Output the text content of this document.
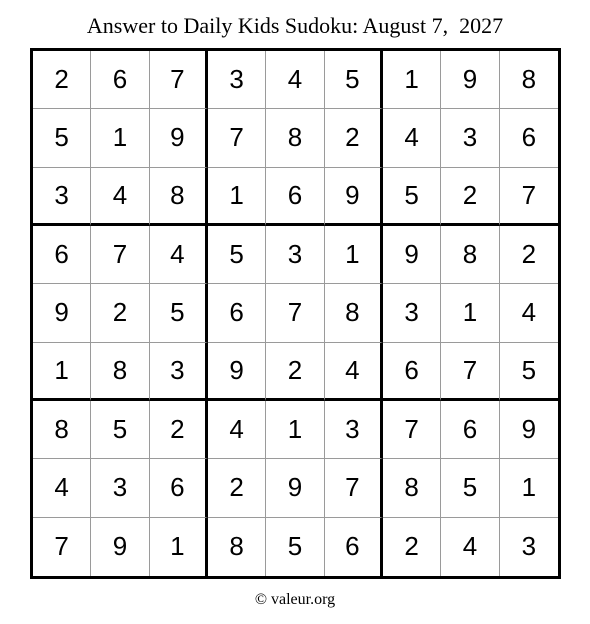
Answer to Daily Kids Sudoku: August 7,  2027
2	6	7	3	4	5	1	9	8
5	1	9	7	8	2	4	3	6
3	4	8	1	6	9	5	2	7
6	7	4	5	3	1	9	8	2
9	2	5	6	7	8	3	1	4
1	8	3	9	2	4	6	7	5
8	5	2	4	1	3	7	6	9
4	3	6	2	9	7	8	5	1
7	9	1	8	5	6	2	4	3
© valeur.org
